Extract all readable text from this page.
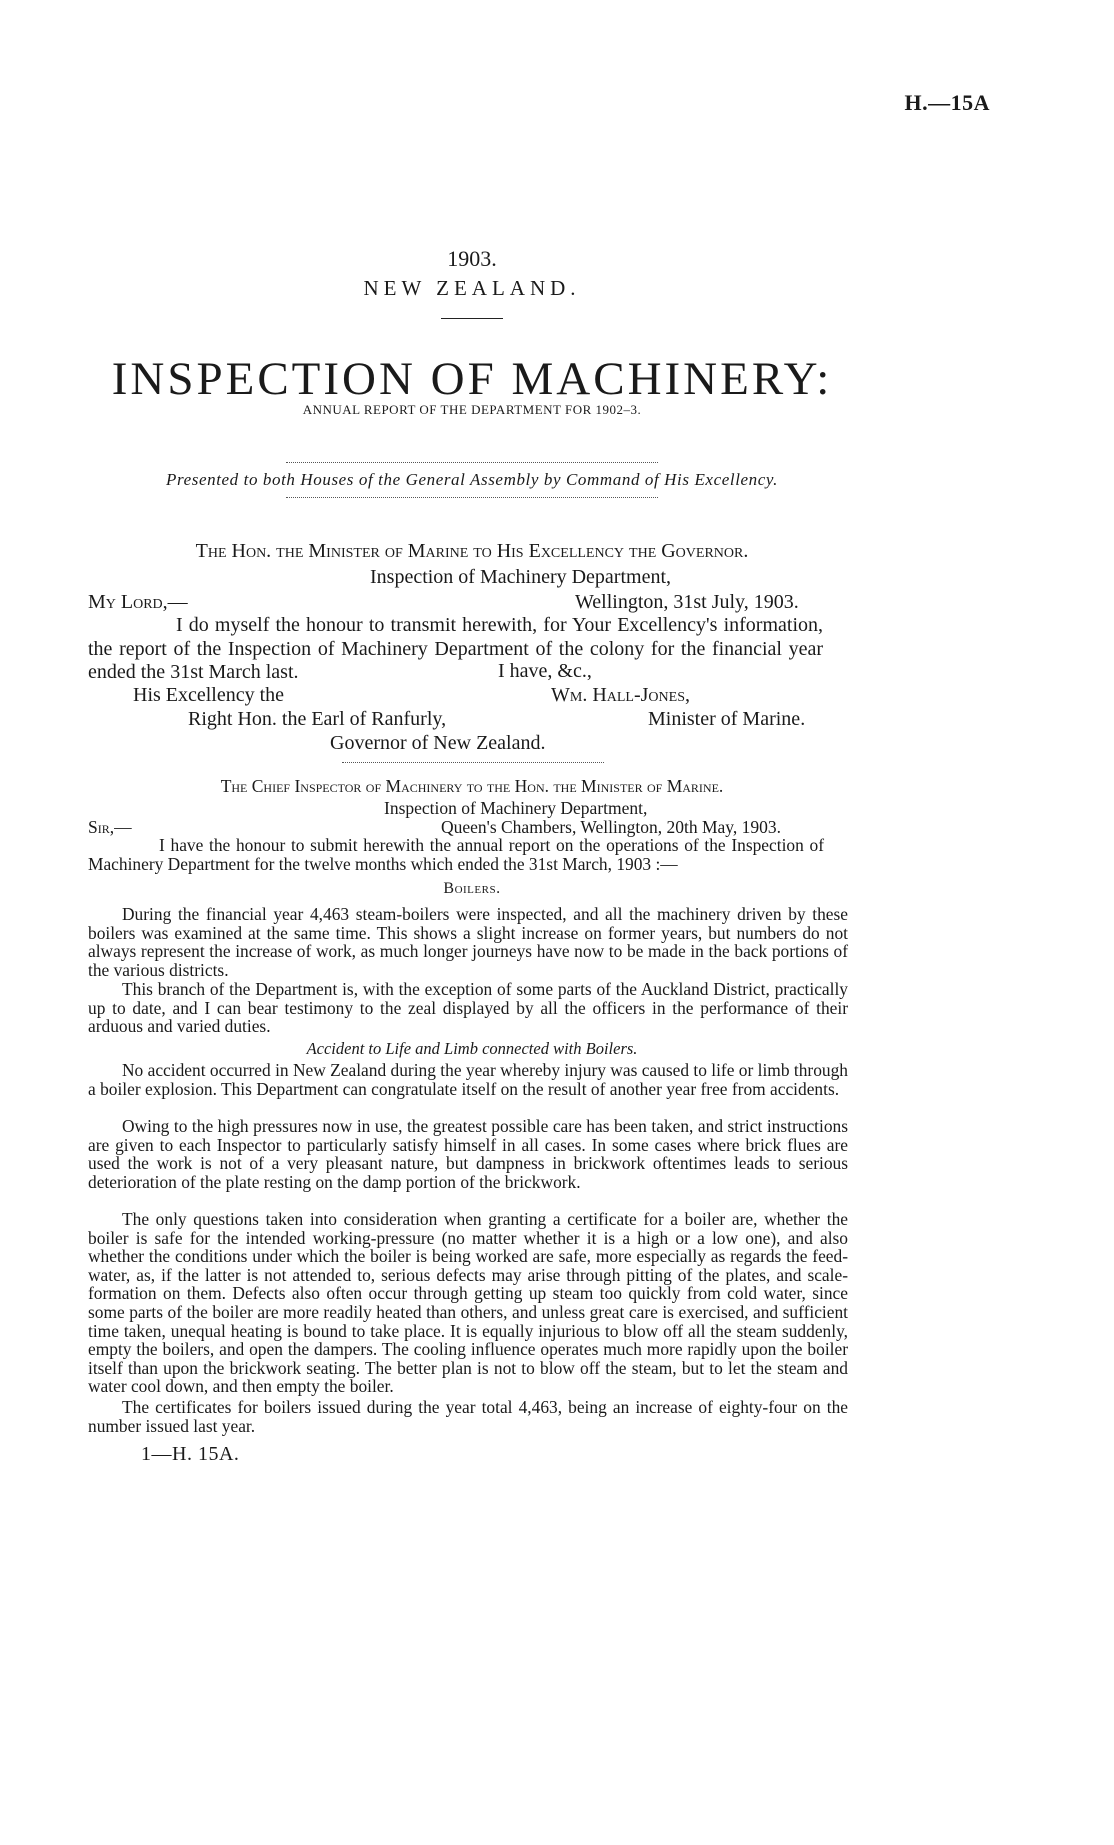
H.—15A
1903.
NEW ZEALAND.
INSPECTION OF MACHINERY:
ANNUAL REPORT OF THE DEPARTMENT FOR 1902–3.
Presented to both Houses of the General Assembly by Command of His Excellency.
The Hon. the Minister of Marine to His Excellency the Governor.
Inspection of Machinery Department,
My Lord,—	Wellington, 31st July, 1903.
I do myself the honour to transmit herewith, for Your Excellency's information, the report of the Inspection of Machinery Department of the colony for the financial year ended the 31st March last.	I have, &c.,
His Excellency the	Wm. Hall-Jones,
Right Hon. the Earl of Ranfurly,	Minister of Marine.
Governor of New Zealand.
The Chief Inspector of Machinery to the Hon. the Minister of Marine.
Inspection of Machinery Department,
Sir,—	Queen's Chambers, Wellington, 20th May, 1903.
I have the honour to submit herewith the annual report on the operations of the Inspection of Machinery Department for the twelve months which ended the 31st March, 1903 :—
Boilers.
During the financial year 4,463 steam-boilers were inspected, and all the machinery driven by these boilers was examined at the same time. This shows a slight increase on former years, but numbers do not always represent the increase of work, as much longer journeys have now to be made in the back portions of the various districts.
This branch of the Department is, with the exception of some parts of the Auckland District, practically up to date, and I can bear testimony to the zeal displayed by all the officers in the performance of their arduous and varied duties.
Accident to Life and Limb connected with Boilers.
No accident occurred in New Zealand during the year whereby injury was caused to life or limb through a boiler explosion. This Department can congratulate itself on the result of another year free from accidents.
Owing to the high pressures now in use, the greatest possible care has been taken, and strict instructions are given to each Inspector to particularly satisfy himself in all cases. In some cases where brick flues are used the work is not of a very pleasant nature, but dampness in brickwork oftentimes leads to serious deterioration of the plate resting on the damp portion of the brickwork.
The only questions taken into consideration when granting a certificate for a boiler are, whether the boiler is safe for the intended working-pressure (no matter whether it is a high or a low one), and also whether the conditions under which the boiler is being worked are safe, more especially as regards the feed-water, as, if the latter is not attended to, serious defects may arise through pitting of the plates, and scale-formation on them. Defects also often occur through getting up steam too quickly from cold water, since some parts of the boiler are more readily heated than others, and unless great care is exercised, and sufficient time taken, unequal heating is bound to take place. It is equally injurious to blow off all the steam suddenly, empty the boilers, and open the dampers. The cooling influence operates much more rapidly upon the boiler itself than upon the brickwork seating. The better plan is not to blow off the steam, but to let the steam and water cool down, and then empty the boiler.
The certificates for boilers issued during the year total 4,463, being an increase of eighty-four on the number issued last year.
1—H. 15A.
